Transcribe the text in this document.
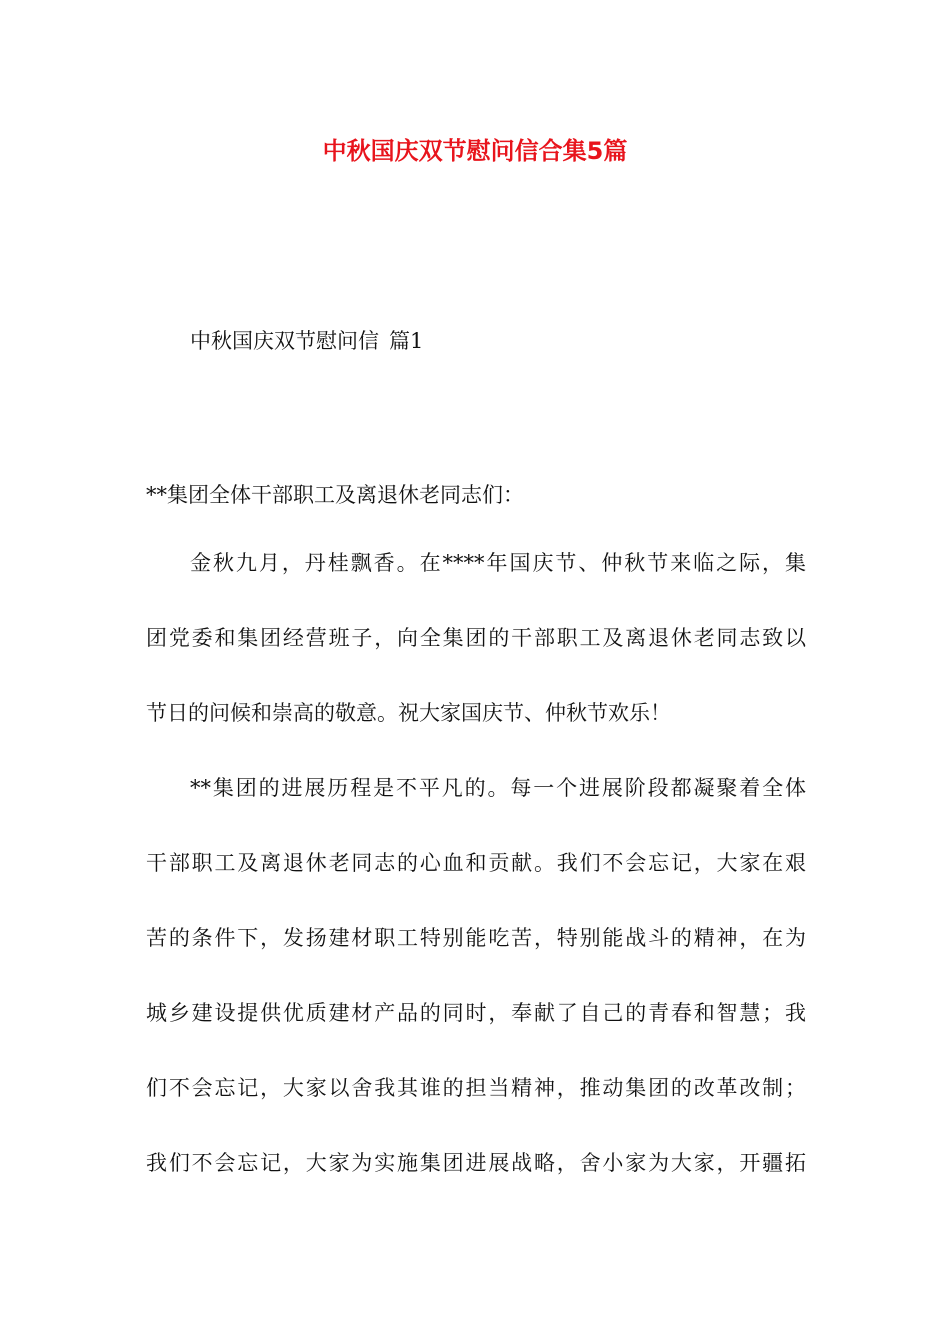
中秋国庆双节慰问信合集5篇

中秋国庆双节慰问信 篇1

**集团全体干部职工及离退休老同志们：

金秋九月，丹桂飘香。在****年国庆节、仲秋节来临之际，集

团党委和集团经营班子，向全集团的干部职工及离退休老同志致以

节日的问候和崇高的敬意。祝大家国庆节、仲秋节欢乐！

**集团的进展历程是不平凡的。每一个进展阶段都凝聚着全体

干部职工及离退休老同志的心血和贡献。我们不会忘记，大家在艰

苦的条件下，发扬建材职工特别能吃苦，特别能战斗的精神，在为

城乡建设提供优质建材产品的同时，奉献了自己的青春和智慧；我

们不会忘记，大家以舍我其谁的担当精神，推动集团的改革改制；

我们不会忘记，大家为实施集团进展战略，舍小家为大家，开疆拓
